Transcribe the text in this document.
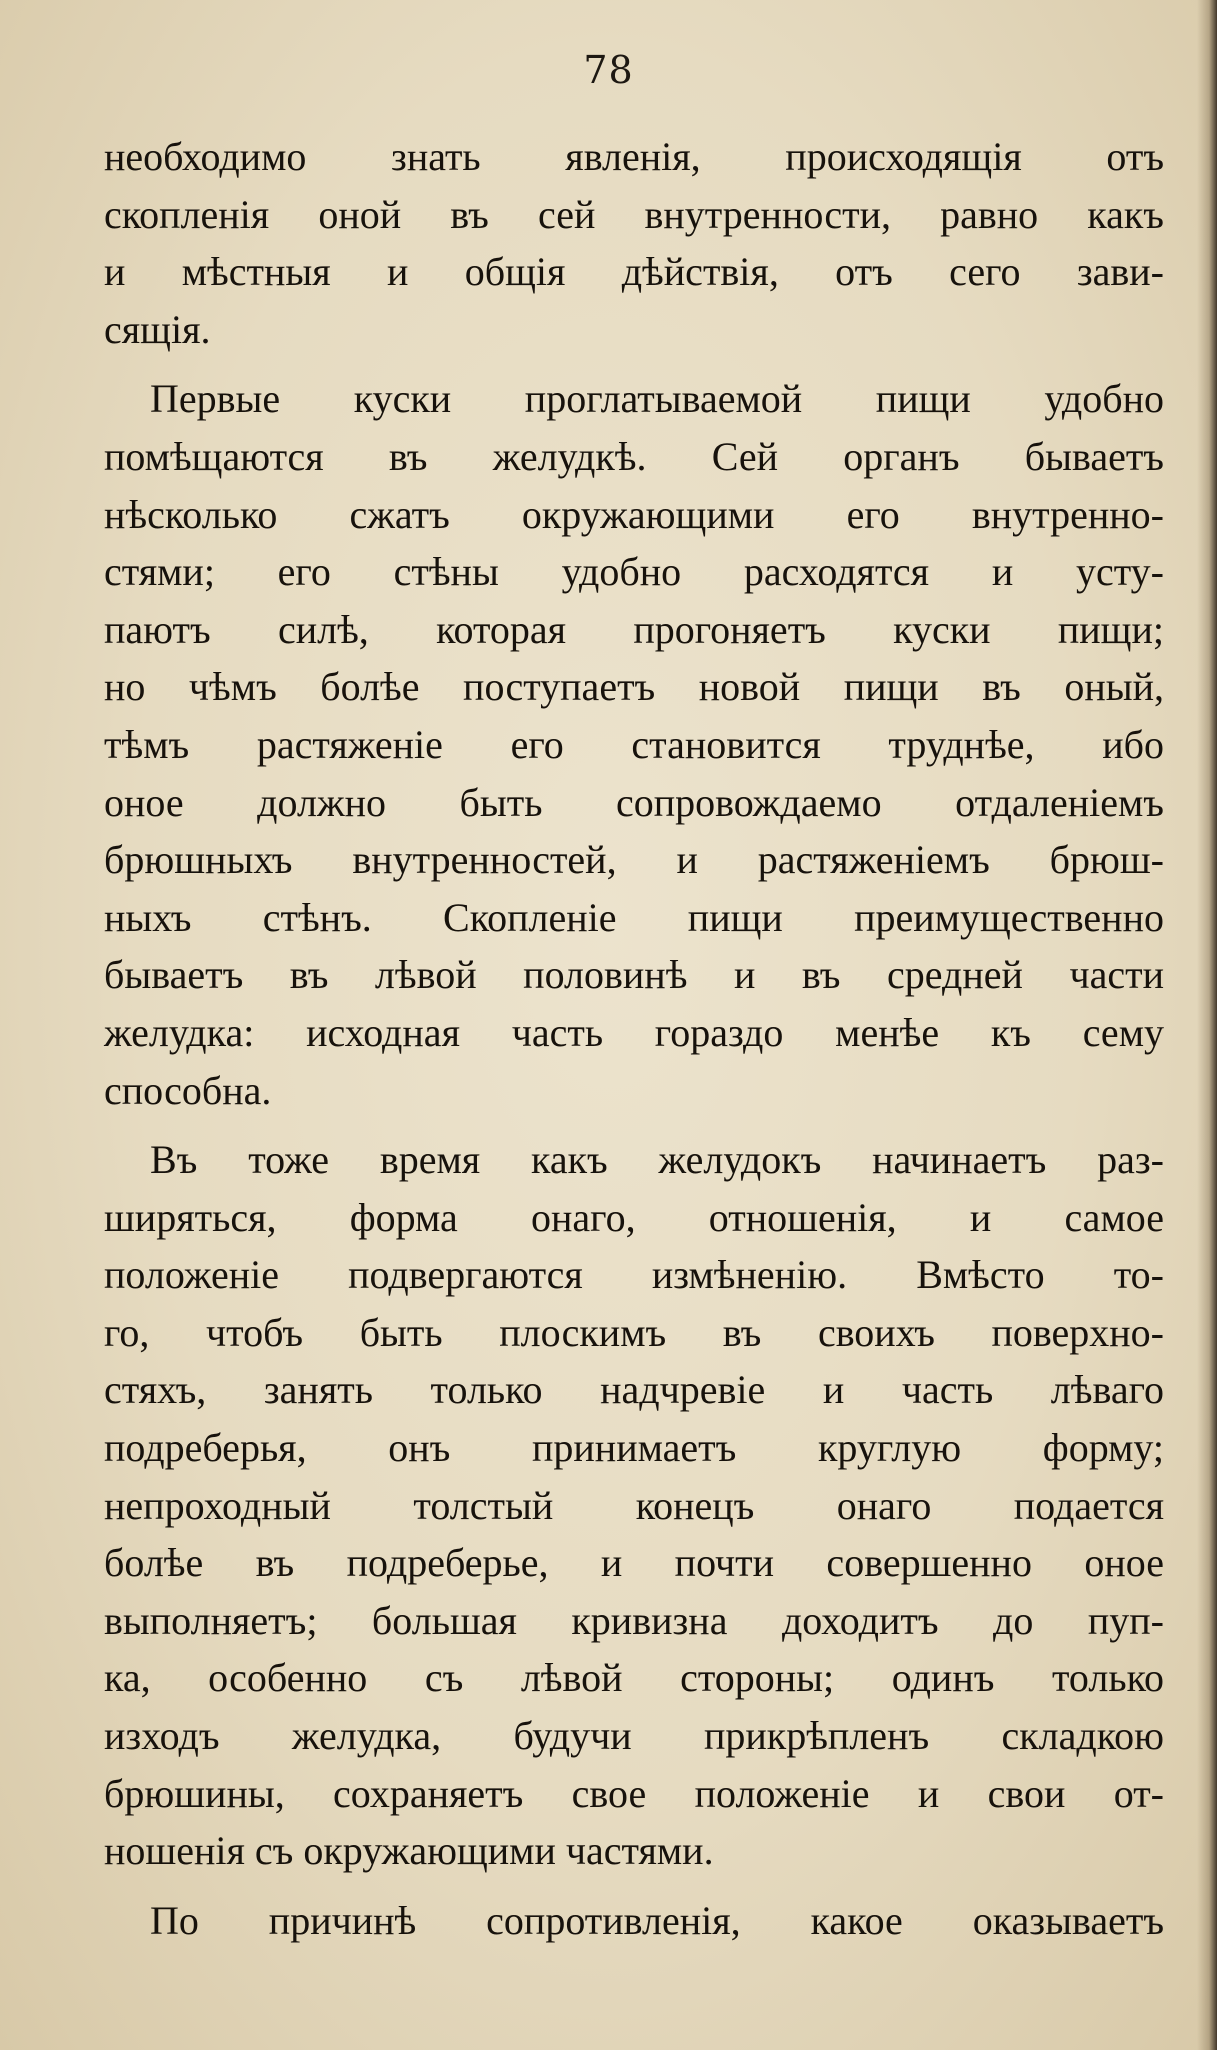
78
необходимо знать явленія, происходящія отъ
скопленія оной въ сей внутренности, равно какъ
и мѣстныя и общія дѣйствія, отъ сего зави-
сящія.
Первые куски проглатываемой пищи удобно
помѣщаются въ желудкѣ. Сей органъ бываетъ
нѣсколько сжатъ окружающими его внутренно-
стями; его стѣны удобно расходятся и усту-
паютъ силѣ, которая прогоняетъ куски пищи;
но чѣмъ болѣе поступаетъ новой пищи въ оный,
тѣмъ растяженіе его становится труднѣе, ибо
оное должно быть сопровождаемо отдаленіемъ
брюшныхъ внутренностей, и растяженіемъ брюш-
ныхъ стѣнъ. Скопленіе пищи преимущественно
бываетъ въ лѣвой половинѣ и въ средней части
желудка: исходная часть гораздо менѣе къ сему
способна.
Въ тоже время какъ желудокъ начинаетъ раз-
ширяться, форма онаго, отношенія, и самое
положеніе подвергаются измѣненію. Вмѣсто то-
го, чтобъ быть плоскимъ въ своихъ поверхно-
стяхъ, занять только надчревіе и часть лѣваго
подреберья, онъ принимаетъ круглую форму;
непроходный толстый конецъ онаго подается
болѣе въ подреберье, и почти совершенно оное
выполняетъ; большая кривизна доходитъ до пуп-
ка, особенно съ лѣвой стороны; одинъ только
изходъ желудка, будучи прикрѣпленъ складкою
брюшины, сохраняетъ свое положеніе и свои от-
ношенія съ окружающими частями.
По причинѣ сопротивленія, какое оказываетъ
